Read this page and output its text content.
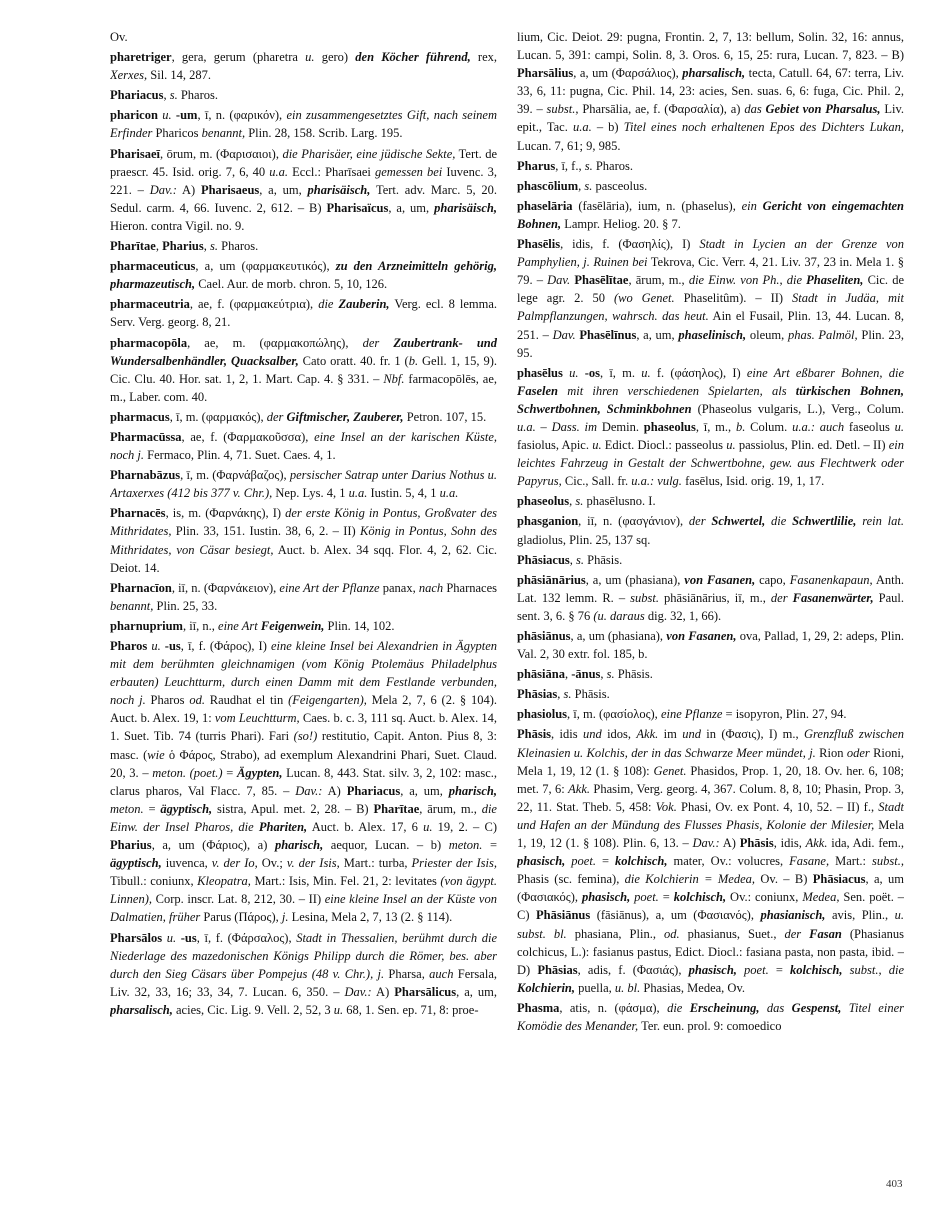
Ov.
pharetriger, gera, gerum (pharetra u. gero) den Köcher führend, rex, Xerxes, Sil. 14, 287.
Phariacus, s. Pharos.
pharicon u. -um, ī, n. (φαρικόν), ein zusammengesetztes Gift, nach seinem Erfinder Pharicos benannt, Plin. 28, 158. Scrib. Larg. 195.
Pharisaeī, ōrum, m. (Φαρισαιοι), die Pharisäer, eine jüdische Sekte, Tert. de praescr. 45. Isid. orig. 7, 6, 40 u.a. Eccl.: Pharīsaei gemessen bei Iuvenc. 3, 221. – Dav.: A) Pharisaeus, a, um, pharisäisch, Tert. adv. Marc. 5, 20. Sedul. carm. 4, 66. Iuvenc. 2, 612. – B) Pharisaïcus, a, um, pharisäisch, Hieron. contra Vigil. no. 9.
Pharītae, Pharius, s. Pharos.
pharmaceuticus, a, um (φαρμακευτικός), zu den Arzneimitteln gehörig, pharmazeutisch, Cael. Aur. de morb. chron. 5, 10, 126.
pharmaceutria, ae, f. (φαρμακεύτρια), die Zauberin, Verg. ecl. 8 lemma. Serv. Verg. georg. 8, 21.
pharmacopōla, ae, m. (φαρμακοπώλης), der Zaubertrank- und Wundersalbenhändler, Quacksalber, Cato oratt. 40. fr. 1 (b. Gell. 1, 15, 9). Cic. Clu. 40. Hor. sat. 1, 2, 1. Mart. Cap. 4. § 331. – Nbf. farmacopōlēs, ae, m., Laber. com. 40.
pharmacus, ī, m. (φαρμακός), der Giftmischer, Zauberer, Petron. 107, 15.
Pharmacūssa, ae, f. (Φαρμακοῦσσα), eine Insel an der karischen Küste, noch j. Fermaco, Plin. 4, 71. Suet. Caes. 4, 1.
Pharnabāzus, ī, m. (Φαρνάβαζος), persischer Satrap unter Darius Nothus u. Artaxerxes (412 bis 377 v. Chr.), Nep. Lys. 4, 1 u.a. Iustin. 5, 4, 1 u.a.
Pharnacēs, is, m. (Φαρνάκης), I) der erste König in Pontus, Großvater des Mithridates, Plin. 33, 151. Iustin. 38, 6, 2. – II) König in Pontus, Sohn des Mithridates, von Cäsar besiegt, Auct. b. Alex. 34 sqq. Flor. 4, 2, 62. Cic. Deiot. 14.
Pharnacīon, iī, n. (Φαρνάκειον), eine Art der Pflanze panax, nach Pharnaces benannt, Plin. 25, 33.
pharnuprium, iī, n., eine Art Feigenwein, Plin. 14, 102.
Pharos u. -us, ī, f. (Φάρος), I) eine kleine Insel bei Alexandrien in Ägypten mit dem berühmten gleichnamigen (vom König Ptolemäus Philadelphus erbauten) Leuchtturm, durch einen Damm mit dem Festlande verbunden, noch j. Pharos od. Raudhat el tin (Feigengarten), Mela 2, 7, 6 (2. § 104). Auct. b. Alex. 19, 1: vom Leuchtturm, Caes. b. c. 3, 111 sq. Auct. b. Alex. 14, 1. Suet. Tib. 74 (turris Phari). Fari (so!) restitutio, Capit. Anton. Pius 8, 3: masc. (wie ὁ Φάρος, Strabo), ad exemplum Alexandrini Phari, Suet. Claud. 20, 3. – meton. (poet.) = Ägypten, Lucan. 8, 443. Stat. silv. 3, 2, 102: masc., clarus pharos, Val Flacc. 7, 85. – Dav.: A) Phariacus, a, um, pharisch, meton. = ägyptisch, sistra, Apul. met. 2, 28. – B) Pharītae, ārum, m., die Einw. der Insel Pharos, die Phariten, Auct. b. Alex. 17, 6 u. 19, 2. – C) Pharius, a, um (Φάριος), a) pharisch, aequor, Lucan. – b) meton. = ägyptisch, iuvenca, v. der Io, Ov.; v. der Isis, Mart.: turba, Priester der Isis, Tibull.: coniunx, Kleopatra, Mart.: Isis, Min. Fel. 21, 2: levitates (von ägypt. Linnen), Corp. inscr. Lat. 8, 212, 30. – II) eine kleine Insel an der Küste von Dalmatien, früher Parus (Πάρος), j. Lesina, Mela 2, 7, 13 (2. § 114).
Pharsālos u. -us, ī, f. (Φάρσαλος), Stadt in Thessalien, berühmt durch die Niederlage des mazedonischen Königs Philipp durch die Römer, bes. aber durch den Sieg Cäsars über Pompejus (48 v. Chr.), j. Pharsa, auch Fersala, Liv. 32, 33, 16; 33, 34, 7. Lucan. 6, 350. – Dav.: A) Pharsālicus, a, um, pharsalisch, acies, Cic. Lig. 9. Vell. 2, 52, 3 u. 68, 1. Sen. ep. 71, 8: proe-
lium, Cic. Deiot. 29: pugna, Frontin. 2, 7, 13: bellum, Solin. 32, 16: annus, Lucan. 5, 391: campi, Solin. 8, 3. Oros. 6, 15, 25: rura, Lucan. 7, 823. – B) Pharsālius, a, um (Φαρσάλιος), pharsalisch, tecta, Catull. 64, 67: terra, Liv. 33, 6, 11: pugna, Cic. Phil. 14, 23: acies, Sen. suas. 6, 6: fuga, Cic. Phil. 2, 39. – subst., Pharsālia, ae, f. (Φαρσαλία), a) das Gebiet von Pharsalus, Liv. epit., Tac. u.a. – b) Titel eines noch erhaltenen Epos des Dichters Lukan, Lucan. 7, 61; 9, 985.
Pharus, ī, f., s. Pharos.
phascōlium, s. pasceolus.
phaselāria (fasēlāria), ium, n. (phaselus), ein Gericht von eingemachten Bohnen, Lampr. Heliog. 20. § 7.
Phasēlis, idis, f. (Φασηλίς), I) Stadt in Lycien an der Grenze von Pamphylien, j. Ruinen bei Tekrova, Cic. Verr. 4, 21. Liv. 37, 23 in. Mela 1. § 79. – Dav. Phasēlītae, ārum, m., die Einw. von Ph., die Phaseliten, Cic. de lege agr. 2. 50 (wo Genet. Phaselitûm). – II) Stadt in Judäa, mit Palmpflanzungen, wahrsch. das heut. Ain el Fusail, Plin. 13, 44. Lucan. 8, 251. – Dav. Phasēlīnus, a, um, phaselinisch, oleum, phas. Palmöl, Plin. 23, 95.
phasēlus u. -os, ī, m. u. f. (φάσηλος), I) eine Art eßbarer Bohnen, die Faselen mit ihren verschiedenen Spielarten, als türkischen Bohnen, Schwertbohnen, Schminkbohnen (Phaseolus vulgaris, L.), Verg., Colum. u.a. – Dass. im Demin. phaseolus, ī, m., b. Colum. u.a.: auch faseolus u. fasiolus, Apic. u. Edict. Diocl.: passeolus u. passiolus, Plin. ed. Detl. – II) ein leichtes Fahrzeug in Gestalt der Schwertbohne, gew. aus Flechtwerk oder Papyrus, Cic., Sall. fr. u.a.: vulg. fasēlus, Isid. orig. 19, 1, 17.
phaseolus, s. phasēlusno. I.
phasganion, iī, n. (φασγάνιον), der Schwertel, die Schwertlilie, rein lat. gladiolus, Plin. 25, 137 sq.
Phāsiacus, s. Phāsis.
phāsiānārius, a, um (phasiana), von Fasanen, capo, Fasanenkapaun, Anth. Lat. 132 lemm. R. – subst. phāsiānārius, iī, m., der Fasanenwärter, Paul. sent. 3, 6. § 76 (u. daraus dig. 32, 1, 66).
phāsiānus, a, um (phasiana), von Fasanen, ova, Pallad, 1, 29, 2: adeps, Plin. Val. 2, 30 extr. fol. 185, b.
phāsiāna, -ānus, s. Phāsis.
Phāsias, s. Phāsis.
phasiolus, ī, m. (φασίολος), eine Pflanze = isopyron, Plin. 27, 94.
Phāsis, idis und idos, Akk. im und in (Φασις), I) m., Grenzfluß zwischen Kleinasien u. Kolchis, der in das Schwarze Meer mündet, j. Rion oder Rioni, Mela 1, 19, 12 (1. § 108): Genet. Phasidos, Prop. 1, 20, 18. Ov. her. 6, 108; met. 7, 6: Akk. Phasim, Verg. georg. 4, 367. Colum. 8, 8, 10; Phasin, Prop. 3, 22, 11. Stat. Theb. 5, 458: Vok. Phasi, Ov. ex Pont. 4, 10, 52. – II) f., Stadt und Hafen an der Mündung des Flusses Phasis, Kolonie der Milesier, Mela 1, 19, 12 (1. § 108). Plin. 6, 13. – Dav.: A) Phāsis, idis, Akk. ida, Adi. fem., phasisch, poet. = kolchisch, mater, Ov.: volucres, Fasane, Mart.: subst., Phasis (sc. femina), die Kolchierin = Medea, Ov. – B) Phāsiacus, a, um (Φασιακός), phasisch, poet. = kolchisch, Ov.: coniunx, Medea, Sen. poët. – C) Phāsiānus (fāsiānus), a, um (Φασιανός), phasianisch, avis, Plin., u. subst. bl. phasiana, Plin., od. phasianus, Suet., der Fasan (Phasianus colchicus, L.): fasianus pastus, Edict. Diocl.: fasiana pasta, non pasta, ibid. – D) Phāsias, adis, f. (Φασιάς), phasisch, poet. = kolchisch, subst., die Kolchierin, puella, u. bl. Phasias, Medea, Ov.
Phasma, atis, n. (φάσμα), die Erscheinung, das Gespenst, Titel einer Komödie des Menander, Ter. eun. prol. 9: comoedico
403
